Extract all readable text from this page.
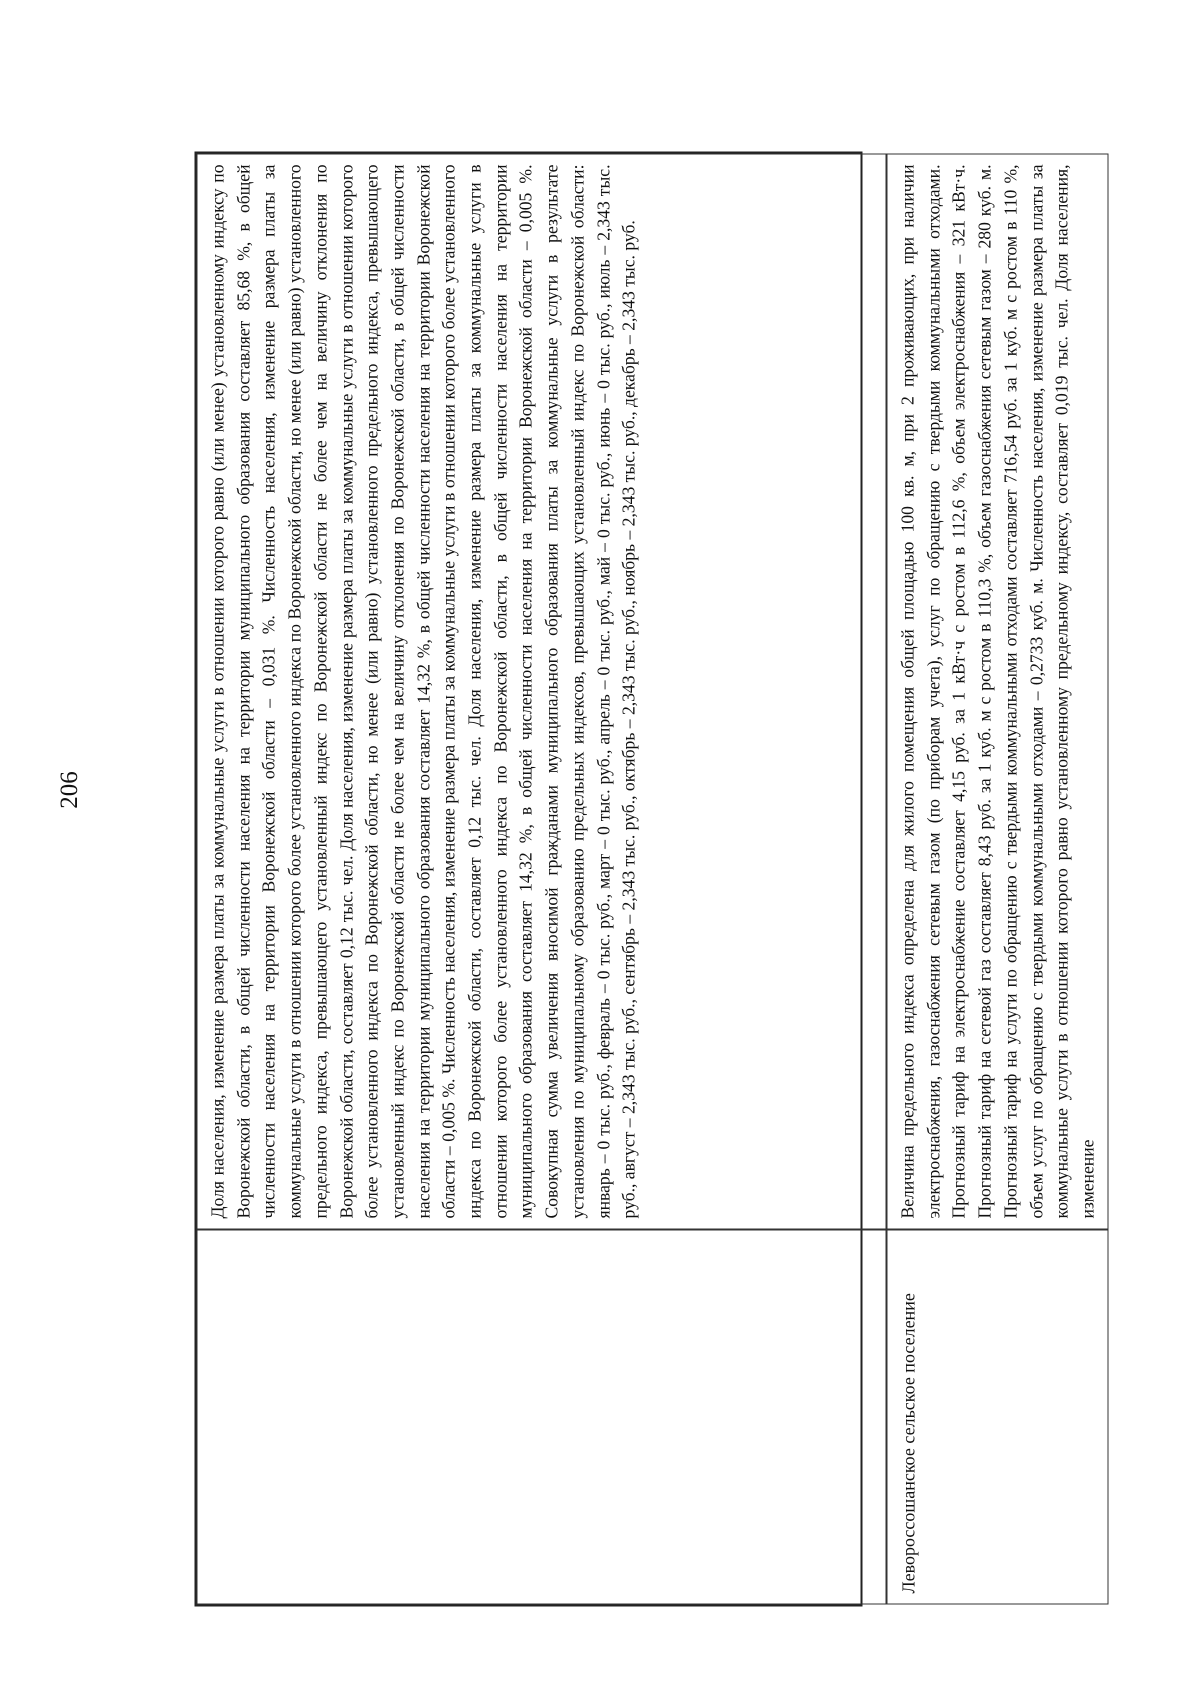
206	Доля населения, изменение размера платы за коммунальные услуги в отношении которого равно (или менее) установленному индексу по Воронежской области, в общей численности населения на территории муниципального образования составляет 85,68 %, в общей численности населения на территории Воронежской области – 0,031 %. Численность населения, изменение размера платы за коммунальные услуги в отношении которого более установленного индекса по Воронежской области, но менее (или равно) установленного предельного индекса, превышающего установленный индекс по Воронежской области не более чем на величину отклонения по Воронежской области, составляет 0,12 тыс. чел. Доля населения, изменение размера платы за коммунальные услуги в отношении которого более установленного индекса по Воронежской области, но менее (или равно) установленного предельного индекса, превышающего установленный индекс по Воронежской области не более чем на величину отклонения по Воронежской области, в общей численности населения на территории муниципального образования составляет 14,32 %, в общей численности населения на территории Воронежской области – 0,005 %. Численность населения, изменение размера платы за коммунальные услуги в отношении которого более установленного индекса по Воронежской области, составляет 0,12 тыс. чел. Доля населения, изменение размера платы за коммунальные услуги в отношении которого более установленного индекса по Воронежской области, в общей численности населения на территории муниципального образования составляет 14,32 %, в общей численности населения на территории Воронежской области – 0,005 %. Совокупная сумма увеличения вносимой гражданами муниципального образования платы за коммунальные услуги в результате установления по муниципальному образованию предельных индексов, превышающих установленный индекс по Воронежской области: январь – 0 тыс. руб., февраль – 0 тыс. руб., март – 0 тыс. руб., апрель – 0 тыс. руб., май – 0 тыс. руб., июнь – 0 тыс. руб., июль – 2,343 тыс. руб., август – 2,343 тыс. руб., сентябрь – 2,343 тыс. руб., октябрь – 2,343 тыс. руб., ноябрь – 2,343 тыс. руб., декабрь – 2,343 тыс. руб.
Левороссошанское сельское поселение
Величина предельного индекса определена для жилого помещения общей площадью 100 кв. м, при 2 проживающих, при наличии электроснабжения, газоснабжения сетевым газом (по приборам учета), услуг по обращению с твердыми коммунальными отходами. Прогнозный тариф на электроснабжение составляет 4,15 руб. за 1 кВт·ч с ростом в 112,6 %, объем электроснабжения – 321 кВт·ч. Прогнозный тариф на сетевой газ составляет 8,43 руб. за 1 куб. м с ростом в 110,3 %, объем газоснабжения сетевым газом – 280 куб. м. Прогнозный тариф на услуги по обращению с твердыми коммунальными отходами составляет 716,54 руб. за 1 куб. м с ростом в 110 %, объем услуг по обращению с твердыми коммунальными отходами – 0,2733 куб. м. Численность населения, изменение размера платы за коммунальные услуги в отношении которого равно установленному предельному индексу, составляет 0,019 тыс. чел. Доля населения, изменение
